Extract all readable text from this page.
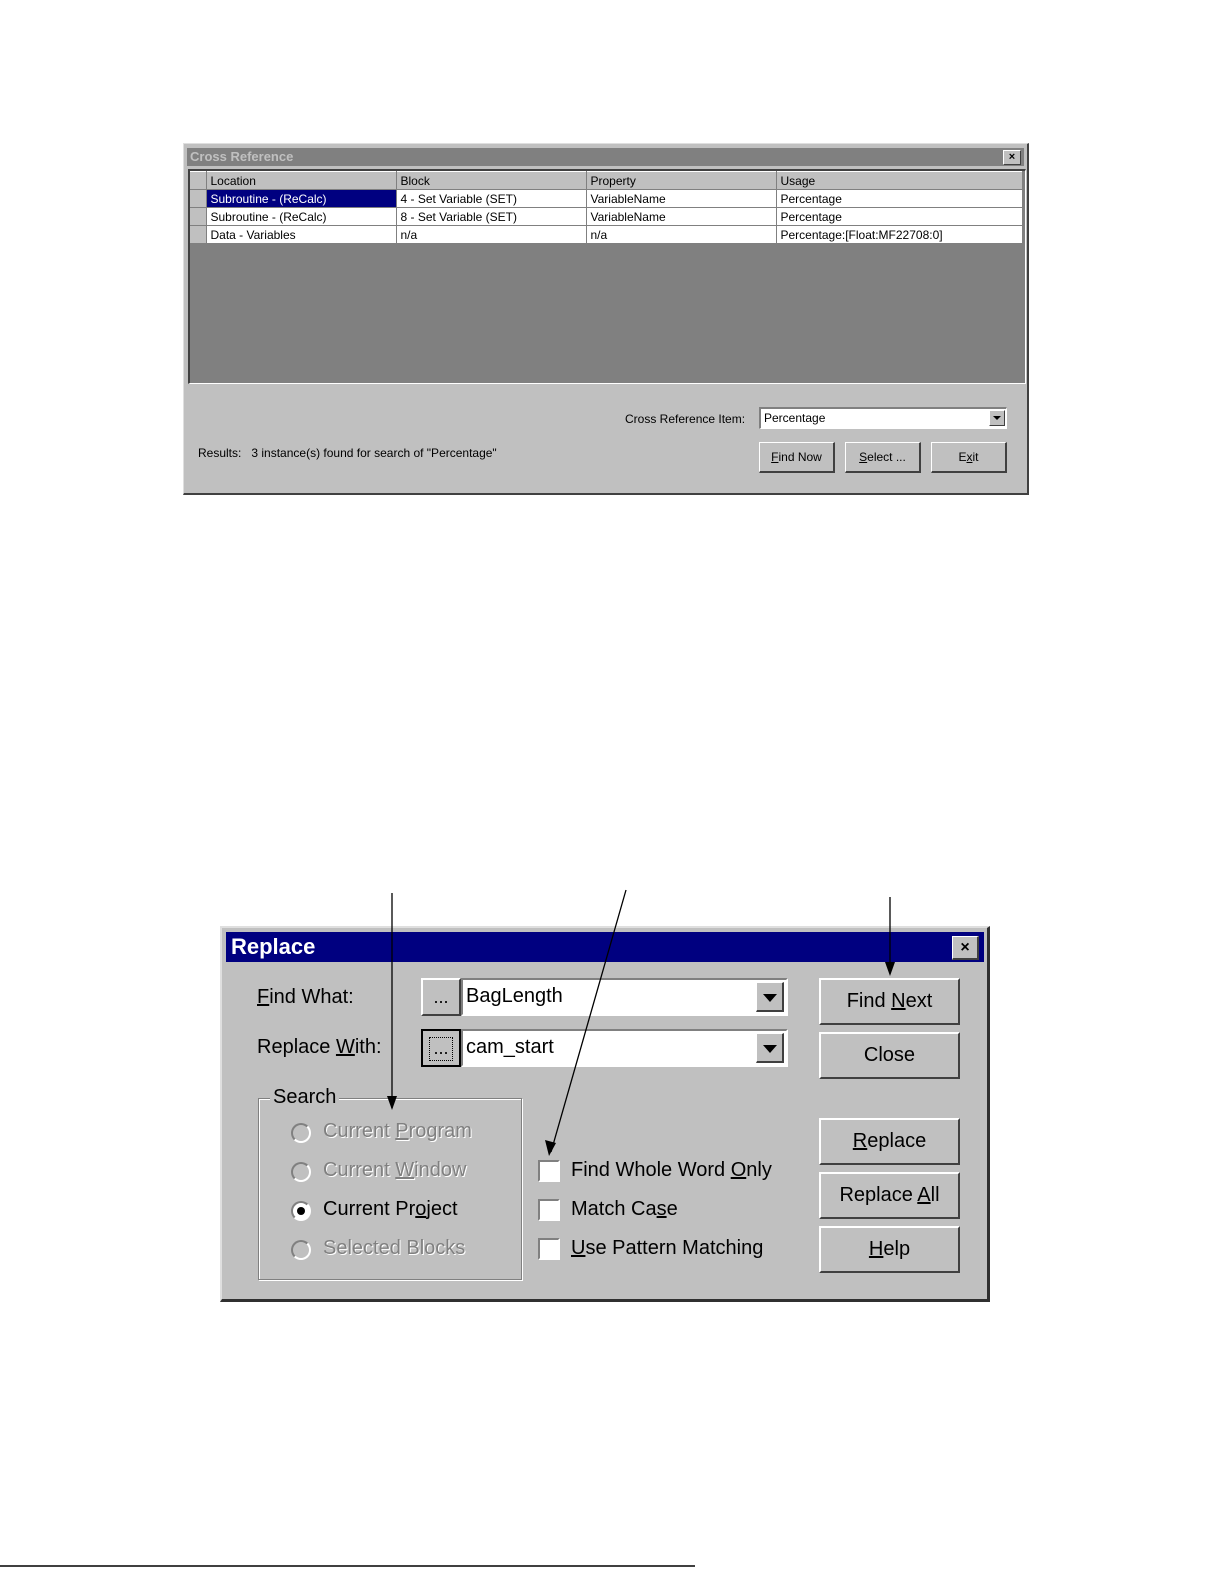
Cross Reference	×
	Location	Block	Property	Usage
	Subroutine - (ReCalc)	4 - Set Variable (SET)	VariableName	Percentage
	Subroutine - (ReCalc)	8 - Set Variable (SET)	VariableName	Percentage
	Data - Variables	n/a	n/a	Percentage:[Float:MF22708:0]
Cross Reference Item:	Percentage
Results: 3 instance(s) found for search of "Percentage"	Find Now	Select ...	Exit
Replace	×
Find What:	... BagLength
Replace With:	... cam_start
Search
Current Program
Current Window
Current Project
Selected Blocks
Find Whole Word Only
Match Case
Use Pattern Matching
Find Next
Close
Replace
Replace All
Help
